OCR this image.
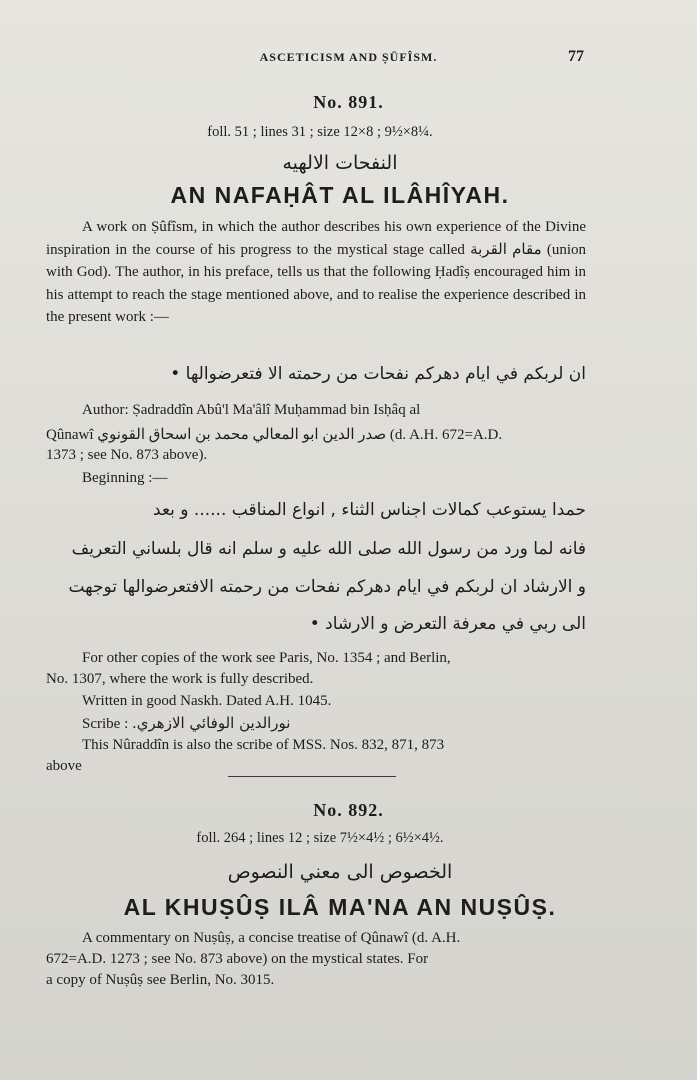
ASCETICISM AND ṢŪFÎSM.	77
No. 891.
foll. 51 ; lines 31 ; size 12×8 ; 9½×8¼.
النفحات الالهيه
AN NAFAḤÂT AL ILÂHÎYAH.
A work on Ṣûfîsm, in which the author describes his own experience of the Divine inspiration in the course of his progress to the mystical stage called مقام القربة (union with God). The author, in his preface, tells us that the following Ḥadîṣ encouraged him in his attempt to reach the stage mentioned above, and to realise the experience described in the present work :—
ان لربكم في ايام دهركم نفحات من رحمته الا فتعرضوالها •
Author: Ṣadraddîn Abû'l Ma'âlî Muḥammad bin Isḥâq al
Qûnawî صدر الدين ابو المعالي محمد بن اسحاق القونوي (d. A.H. 672=A.D.
1373 ; see No. 873 above).
Beginning :—
حمدا يستوعب كمالات اجناس الثناء , انواع المناقب ...... و بعد
فانه لما ورد من رسول الله صلى الله عليه و سلم انه قال بلساني التعريف
و الارشاد ان لربكم في ايام دهركم نفحات من رحمته الافتعرضوالها توجهت
الى ربي في معرفة التعرض و الارشاد •
For other copies of the work see Paris, No. 1354 ; and Berlin,
No. 1307, where the work is fully described.
Written in good Naskh. Dated A.H. 1045.
Scribe : نورالدين الوفائي الازهري.
This Nûraddîn is also the scribe of MSS. Nos. 832, 871, 873
above
No. 892.
foll. 264 ; lines 12 ; size 7½×4½ ; 6½×4½.
الخصوص الى معني النصوص
AL KHUṢÛṢ ILÂ MA'NA AN NUṢÛṢ.
A commentary on Nuṣûṣ, a concise treatise of Qûnawî (d. A.H.
672=A.D. 1273 ; see No. 873 above) on the mystical states. For
a copy of Nuṣûṣ see Berlin, No. 3015.
